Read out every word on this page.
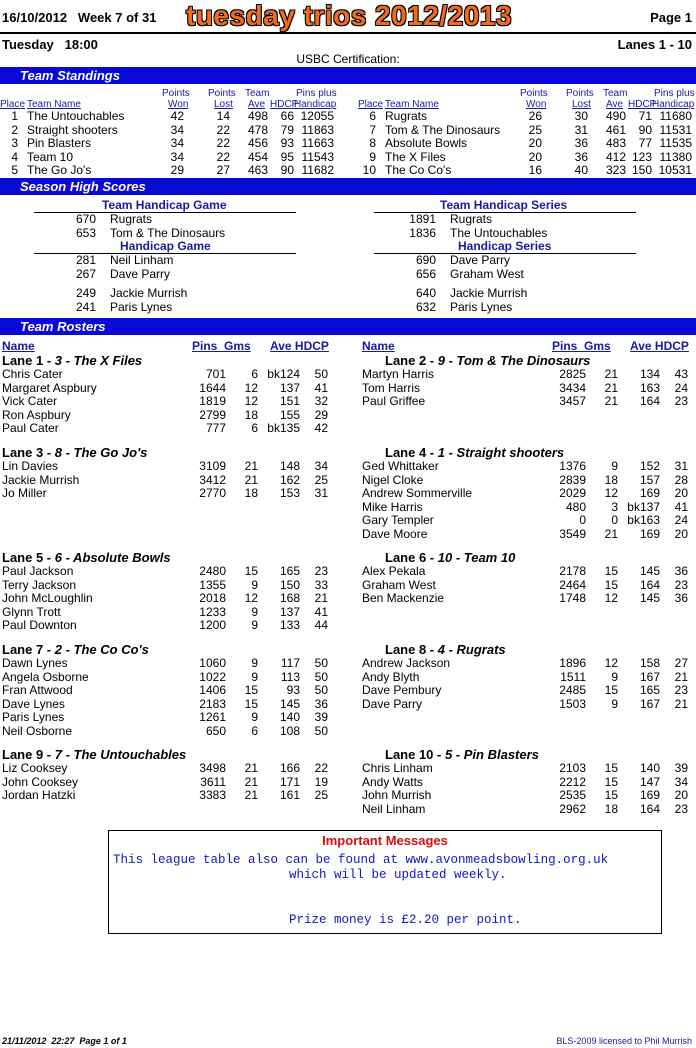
16/10/2012 Week 7 of 31 tuesday trios 2012/2013	Page 1
Tuesday   18:00	Lanes 1 - 10
USBC Certification:
Team Standings
Points
Won
Points
Lost
Team
Ave HDCP
Pins plus
Handicap
Place Team Name
1 The Untouchables	42	14	498	66 12055
2 Straight shooters	34	22	478	79 11863
3 Pin Blasters	34	22	456	93 11663
4 Team 10	34	22	454	95 11543
5 The Go Jo's	29	27	463	90 11682
Points
Won
Points
Lost
Team
Ave HDCP
Pins plus
Handicap
Place Team Name
6 Rugrats	26	30	490	71 11680
7 Tom & The Dinosaurs	25	31	461	90 11531
8 Absolute Bowls	20	36	483	77 11535
9 The X Files	20	36	412 123 11380
10 The Co Co's	16	40	323 150 10531
Season High Scores
Team Handicap Game
670 Rugrats
653 Tom & The Dinosaurs
Team Handicap Series
1891 Rugrats
1836 The Untouchables
Handicap Game
281 Neil Linham
267 Dave Parry
249 Jackie Murrish
241 Paris Lynes
Handicap Series
690 Dave Parry
656 Graham West
640 Jackie Murrish
632 Paris Lynes
Team Rosters
Name	Pins  Gms Ave HDCP	Name	Pins  Gms Ave HDCP
Lane 1 - 3 - The X Files
Chris Cater	701	6 bk124	50
Margaret Aspbury	1644	12	137	41
Vick Cater	1819	12	151	32
Ron Aspbury	2799	18	155	29
Paul Cater	777	6 bk135	42
Lane 3 - 8 - The Go Jo's
Lin Davies	3109	21	148	34
Jackie Murrish	3412	21	162	25
Jo Miller	2770	18	153	31
Lane 5 - 6 - Absolute Bowls
Paul Jackson	2480	15	165	23
Terry Jackson	1355	9	150	33
John McLoughlin	2018	12	168	21
Glynn Trott	1233	9	137	41
Paul Downton	1200	9	133	44
Lane 7 - 2 - The Co Co's
Dawn Lynes	1060	9	117	50
Angela Osborne	1022	9	113	50
Fran Attwood	1406	15	93	50
Dave Lynes	2183	15	145	36
Paris Lynes	1261	9	140	39
Neil Osborne	650	6	108	50
Lane 9 - 7 - The Untouchables
Liz Cooksey	3498	21	166	22
John Cooksey	3611	21	171	19
Jordan Hatzki	3383	21	161	25
Lane 2 - 9 - Tom & The Dinosaurs
Martyn Harris	2825	21	134	43
Tom Harris	3434	21	163	24
Paul Griffee	3457	21	164	23
Lane 4 - 1 - Straight shooters
Ged Whittaker	1376	9	152	31
Nigel Cloke	2839	18	157	28
Andrew Sommerville	2029	12	169	20
Mike Harris	480	3 bk137	41
Gary Templer	0	0 bk163	24
Dave Moore	3549	21	169	20
Lane 6 - 10 - Team 10
Alex Pekala	2178	15	145	36
Graham West	2464	15	164	23
Ben Mackenzie	1748	12	145	36
Lane 8 - 4 - Rugrats
Andrew Jackson	1896	12	158	27
Andy Blyth	1511	9	167	21
Dave Pembury	2485	15	165	23
Dave Parry	1503	9	167	21
Lane 10 - 5 - Pin Blasters
Chris Linham	2103	15	140	39
Andy Watts	2212	15	147	34
John Murrish	2535	15	169	20
Neil Linham	2962	18	164	23
Important Messages
This league table also can be found at www.avonmeadsbowling.org.uk
which will be updated weekly.
Prize money is £2.20 per point.
21/11/2012  22:27  Page 1 of 1	BLS-2009 licensed to Phil Murrish
